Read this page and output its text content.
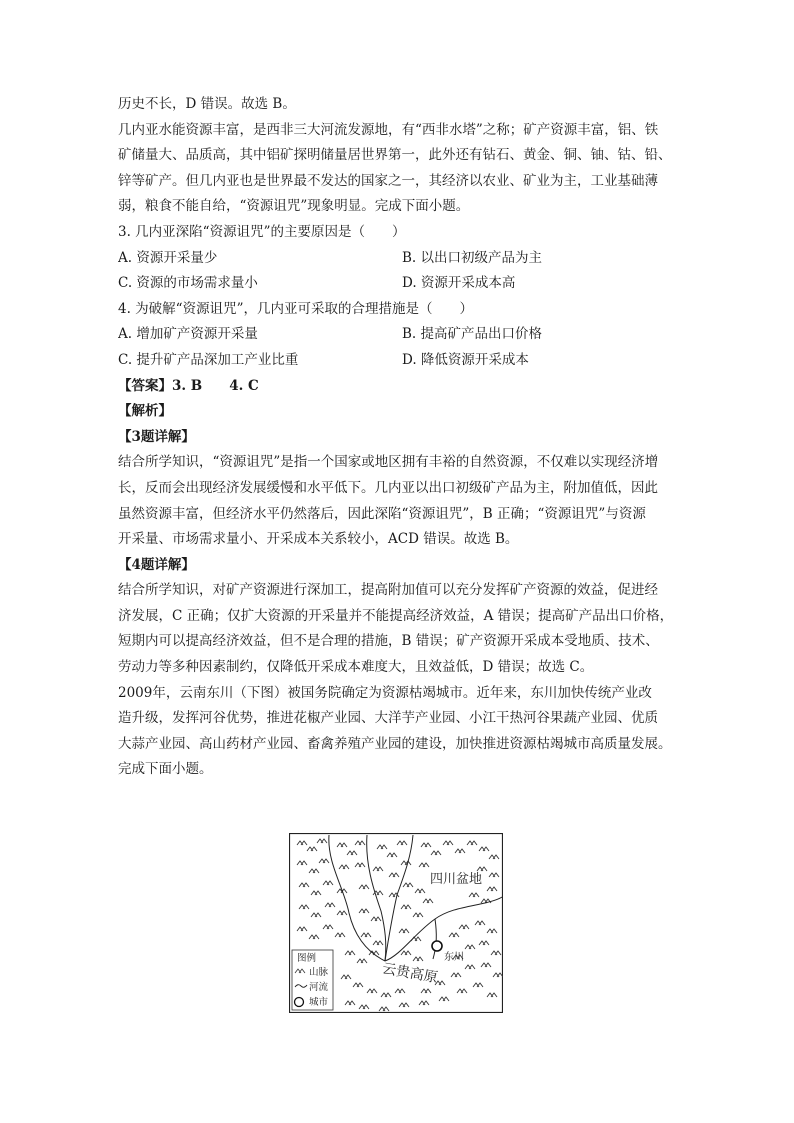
历史不长，D 错误。故选 B。
几内亚水能资源丰富，是西非三大河流发源地，有“西非水塔”之称；矿产资源丰富，铝、铁
矿储量大、品质高，其中铝矿探明储量居世界第一，此外还有钻石、黄金、铜、铀、钴、铅、
锌等矿产。但几内亚也是世界最不发达的国家之一，其经济以农业、矿业为主，工业基础薄
弱，粮食不能自给，“资源诅咒”现象明显。完成下面小题。
3. 几内亚深陷“资源诅咒”的主要原因是（　　）
A. 资源开采量少	B. 以出口初级产品为主
C. 资源的市场需求量小	D. 资源开采成本高
4. 为破解“资源诅咒”，几内亚可采取的合理措施是（　　）
A. 增加矿产资源开采量	B. 提高矿产品出口价格
C. 提升矿产品深加工产业比重	D. 降低资源开采成本
【答案】3. B　　4. C
【解析】
【3题详解】
结合所学知识，“资源诅咒”是指一个国家或地区拥有丰裕的自然资源，不仅难以实现经济增
长，反而会出现经济发展缓慢和水平低下。几内亚以出口初级矿产品为主，附加值低，因此
虽然资源丰富，但经济水平仍然落后，因此深陷“资源诅咒”，B 正确；“资源诅咒”与资源
开采量、市场需求量小、开采成本关系较小，ACD 错误。故选 B。
【4题详解】
结合所学知识，对矿产资源进行深加工，提高附加值可以充分发挥矿产资源的效益，促进经
济发展，C 正确；仅扩大资源的开采量并不能提高经济效益，A 错误；提高矿产品出口价格，
短期内可以提高经济效益，但不是合理的措施，B 错误；矿产资源开采成本受地质、技术、
劳动力等多种因素制约，仅降低开采成本难度大，且效益低，D 错误；故选 C。
2009年，云南东川（下图）被国务院确定为资源枯竭城市。近年来，东川加快传统产业改
造升级，发挥河谷优势，推进花椒产业园、大洋芋产业园、小江干热河谷果蔬产业园、优质
大蒜产业园、高山药材产业园、畜禽养殖产业园的建设，加快推进资源枯竭城市高质量发展。
完成下面小题。
四川盆地
云贵高原
东川
图例
山脉
河流
城市
